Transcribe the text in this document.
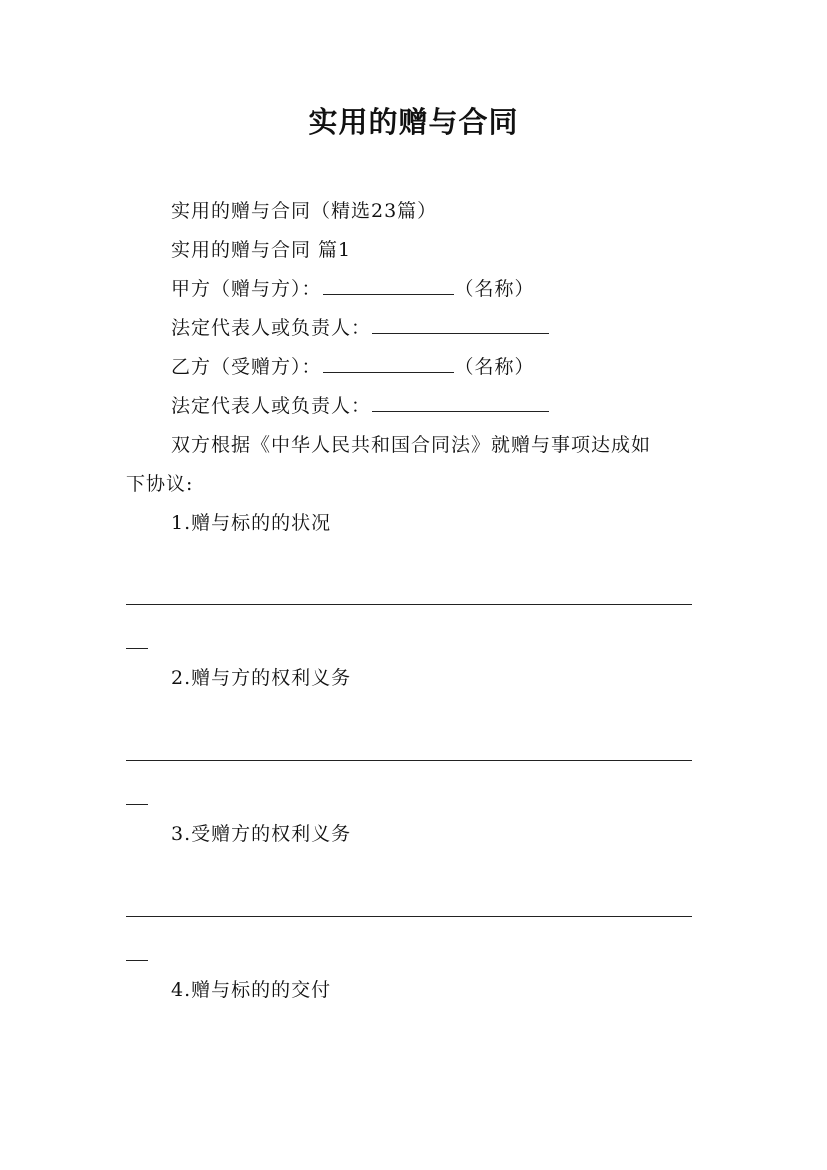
实用的赠与合同
实用的赠与合同（精选23篇）
实用的赠与合同 篇1
甲方（赠与方）：	（名称）
法定代表人或负责人：
乙方（受赠方）：	（名称）
法定代表人或负责人：
双方根据《中华人民共和国合同法》就赠与事项达成如
下协议:
1.赠与标的的状况
2.赠与方的权利义务
3.受赠方的权利义务
4.赠与标的的交付
